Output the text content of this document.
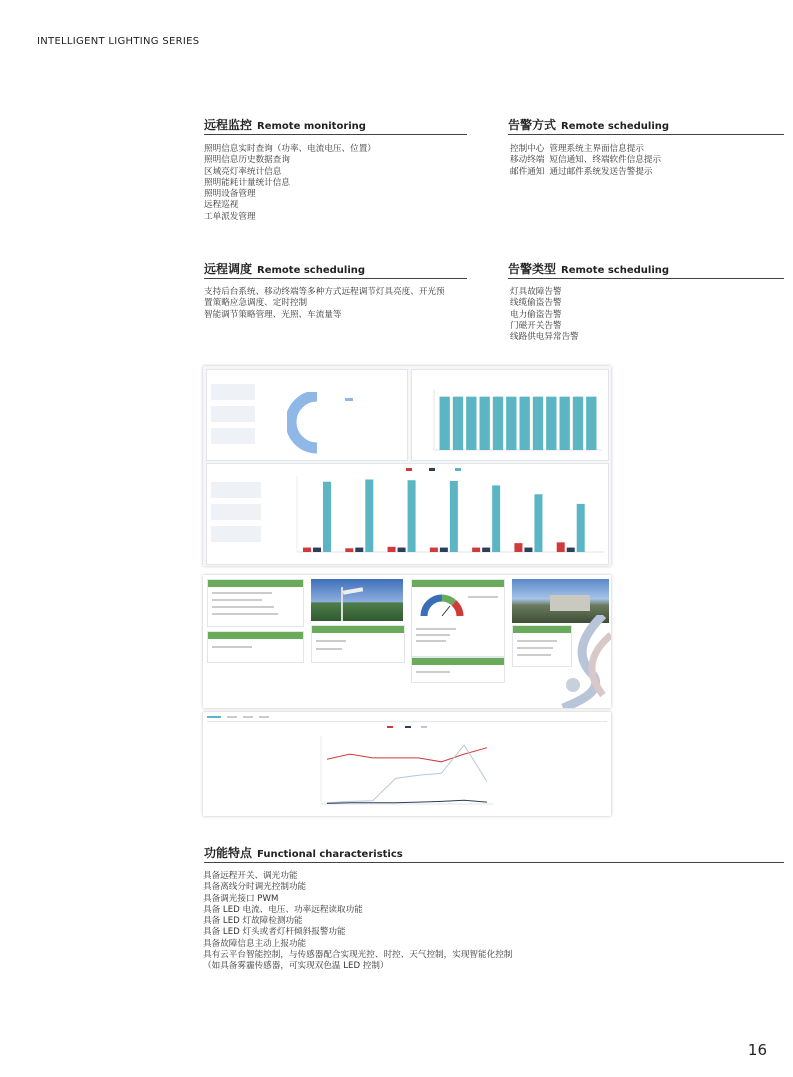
INTELLIGENT LIGHTING SERIES
远程监控 Remote monitoring
照明信息实时查询（功率、电流电压、位置）
照明信息历史数据查询
区域亮灯率统计信息
照明能耗计量统计信息
照明设备管理
远程巡视
工单派发管理
告警方式 Remote scheduling
控制中心 管理系统主界面信息提示
移动终端 短信通知、终端软件信息提示
邮件通知 通过邮件系统发送告警提示
远程调度 Remote scheduling
支持后台系统、移动终端等多种方式远程调节灯具亮度、开光预
置策略应急调度、定时控制
智能调节策略管理、光照、车流量等
告警类型 Remote scheduling
灯具故障告警
线缆偷盗告警
电力偷盗告警
门磁开关告警
线路供电异常告警
功能特点 Functional characteristics
具备远程开关、调光功能
具备离线分时调光控制功能
具备调光接口 PWM
具备 LED 电流、电压、功率远程读取功能
具备 LED 灯故障检测功能
具备 LED 灯头或者灯杆倾斜报警功能
具备故障信息主动上报功能
具有云平台智能控制，与传感器配合实现光控、时控、天气控制，实现智能化控制
（如具备雾霾传感器，可实现双色温 LED 控制）
16
